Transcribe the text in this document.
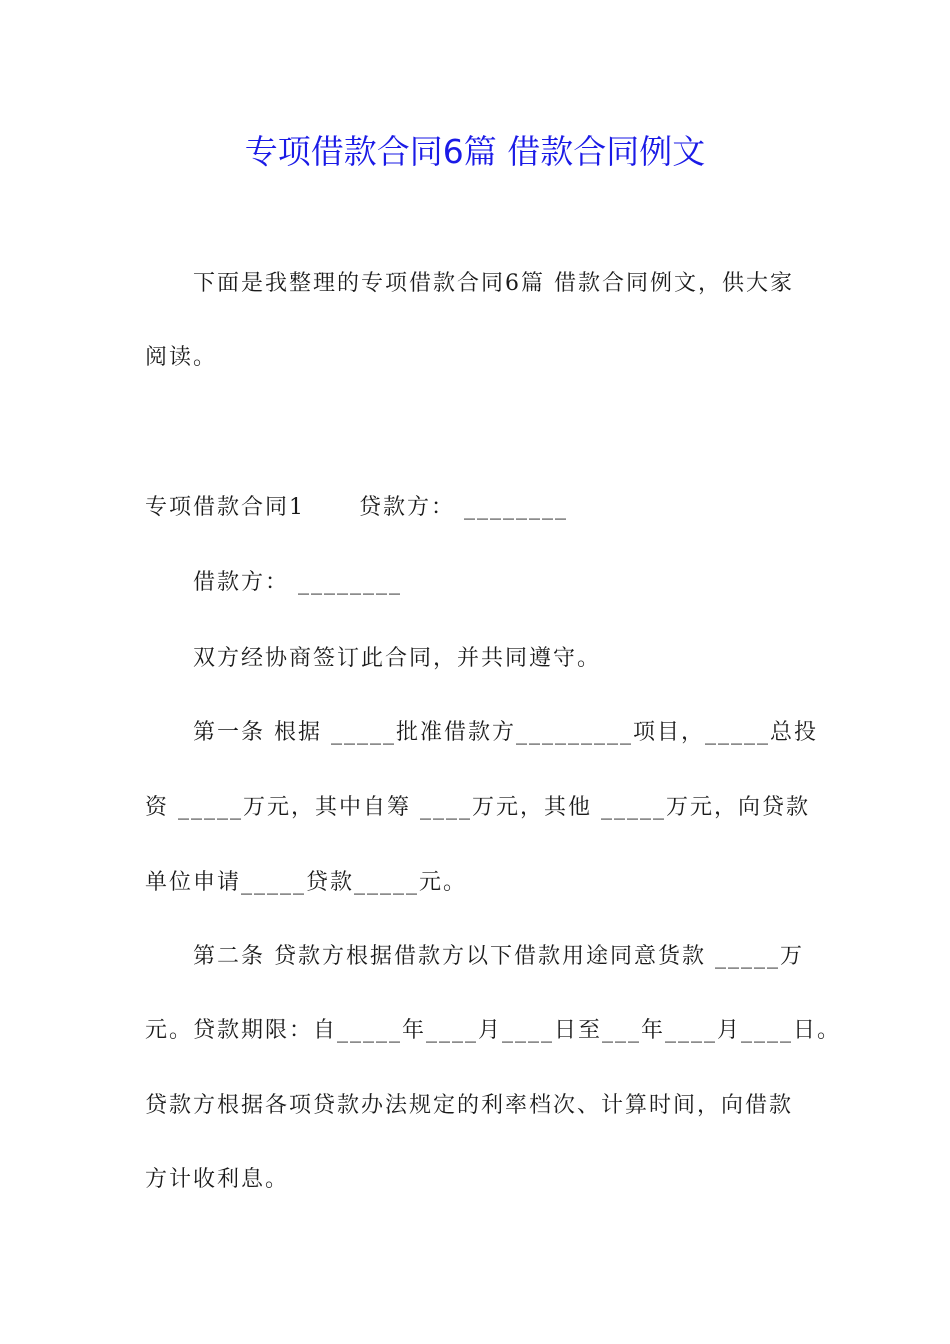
专项借款合同6篇 借款合同例文
下面是我整理的专项借款合同6篇 借款合同例文，供大家
阅读。
专项借款合同1      贷款方： ________
借款方： ________
双方经协商签订此合同，并共同遵守。
第一条 根据 _____批准借款方_________项目，_____总投
资 _____万元，其中自筹 ____万元，其他 _____万元，向贷款
单位申请_____贷款_____元。
第二条 贷款方根据借款方以下借款用途同意货款 _____万
元。贷款期限：自_____年____月____日至___年____月____日。
贷款方根据各项贷款办法规定的利率档次、计算时间，向借款
方计收利息。
